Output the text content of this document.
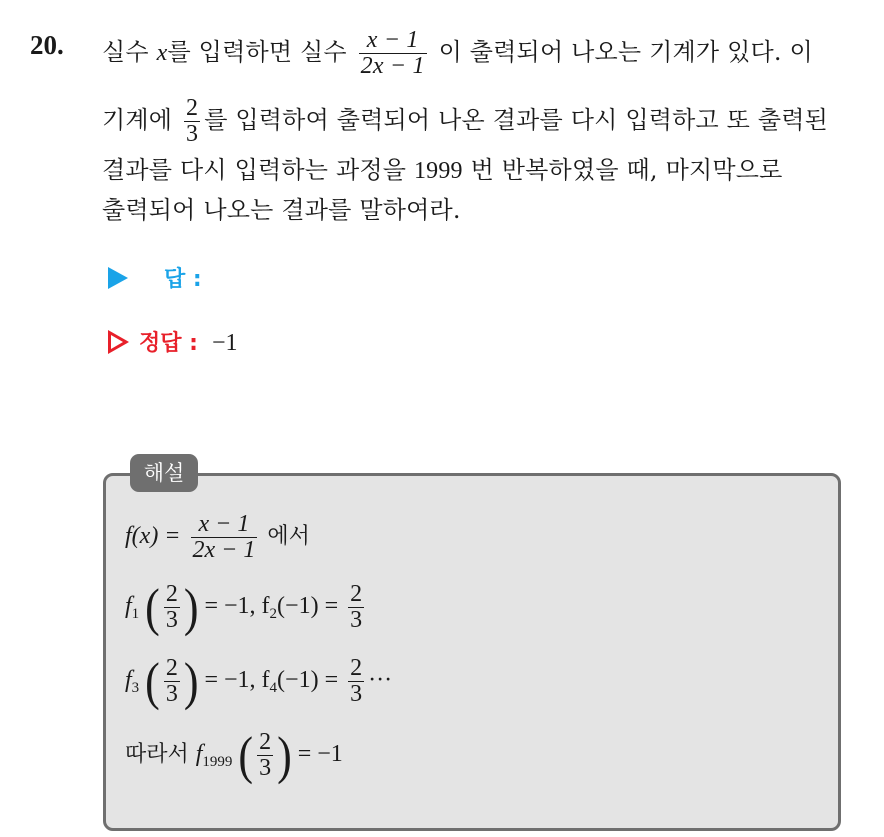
20. 실수 x를 입력하면 실수 $\frac{x - 1}{2x - 1}$ 이 출력되어 나오는 기계가 있다. 이
기계에 $\frac{2}{3}$ 를 입력하여 출력되어 나온 결과를 다시 입력하고 또 출력된
결과를 다시 입력하는 과정을 1999 번 반복하였을 때, 마지막으로
출력되어 나오는 결과를 말하여라.
답 :
정답 : −1
해설
$f(x) = \frac{x - 1}{2x - 1}$ 에서
$f_1$ ( $\frac{2}{3}$ ) = −1, $f_2(-1) = \frac{2}{3}$
$f_3$ ( $\frac{2}{3}$ ) = −1, $f_4(-1) = \frac{2}{3}$ ···
따라서 $f_{1999}$ ( $\frac{2}{3}$ ) = −1
